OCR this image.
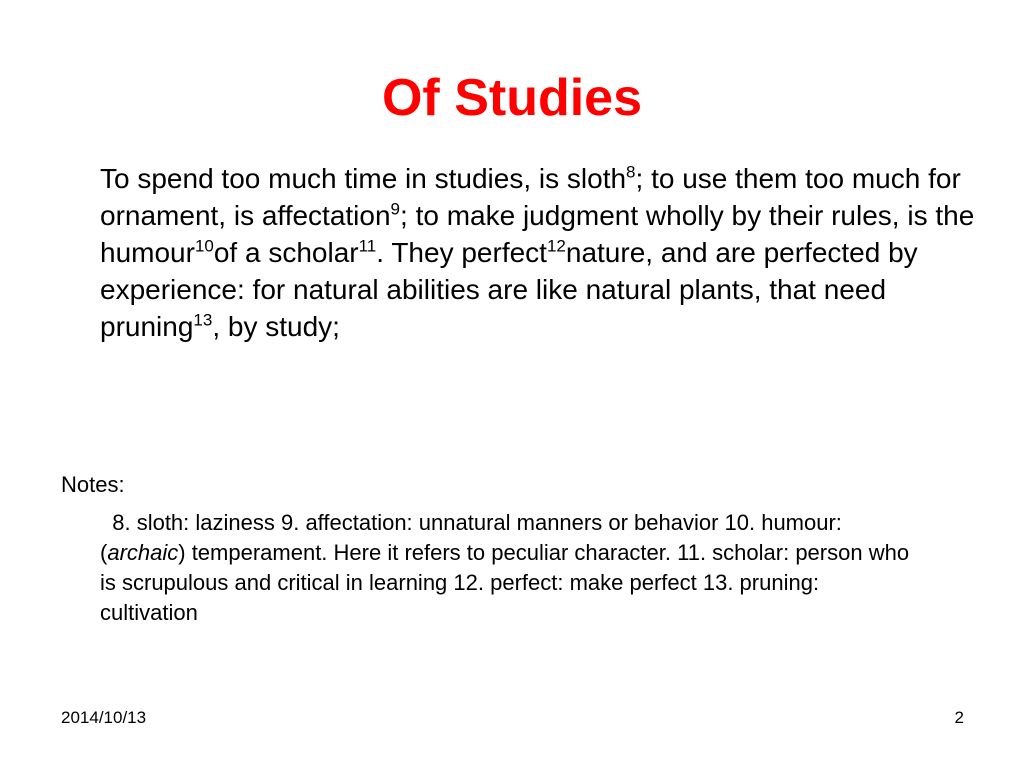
Of Studies

To spend too much time in studies, is sloth$^8$; to use them too much for ornament, is affectation$^9$; to make judgment wholly by their rules, is the humour$^{10}$of a scholar$^{11}$. They perfect$^{12}$nature, and are perfected by experience: for natural abilities are like natural plants, that need pruning$^{13}$, by study;

Notes:

8. sloth: laziness 9. affectation: unnatural manners or behavior 10. humour: (archaic) temperament. Here it refers to peculiar character. 11. scholar: person who is scrupulous and critical in learning 12. perfect: make perfect 13. pruning: cultivation

2014/10/13	2
